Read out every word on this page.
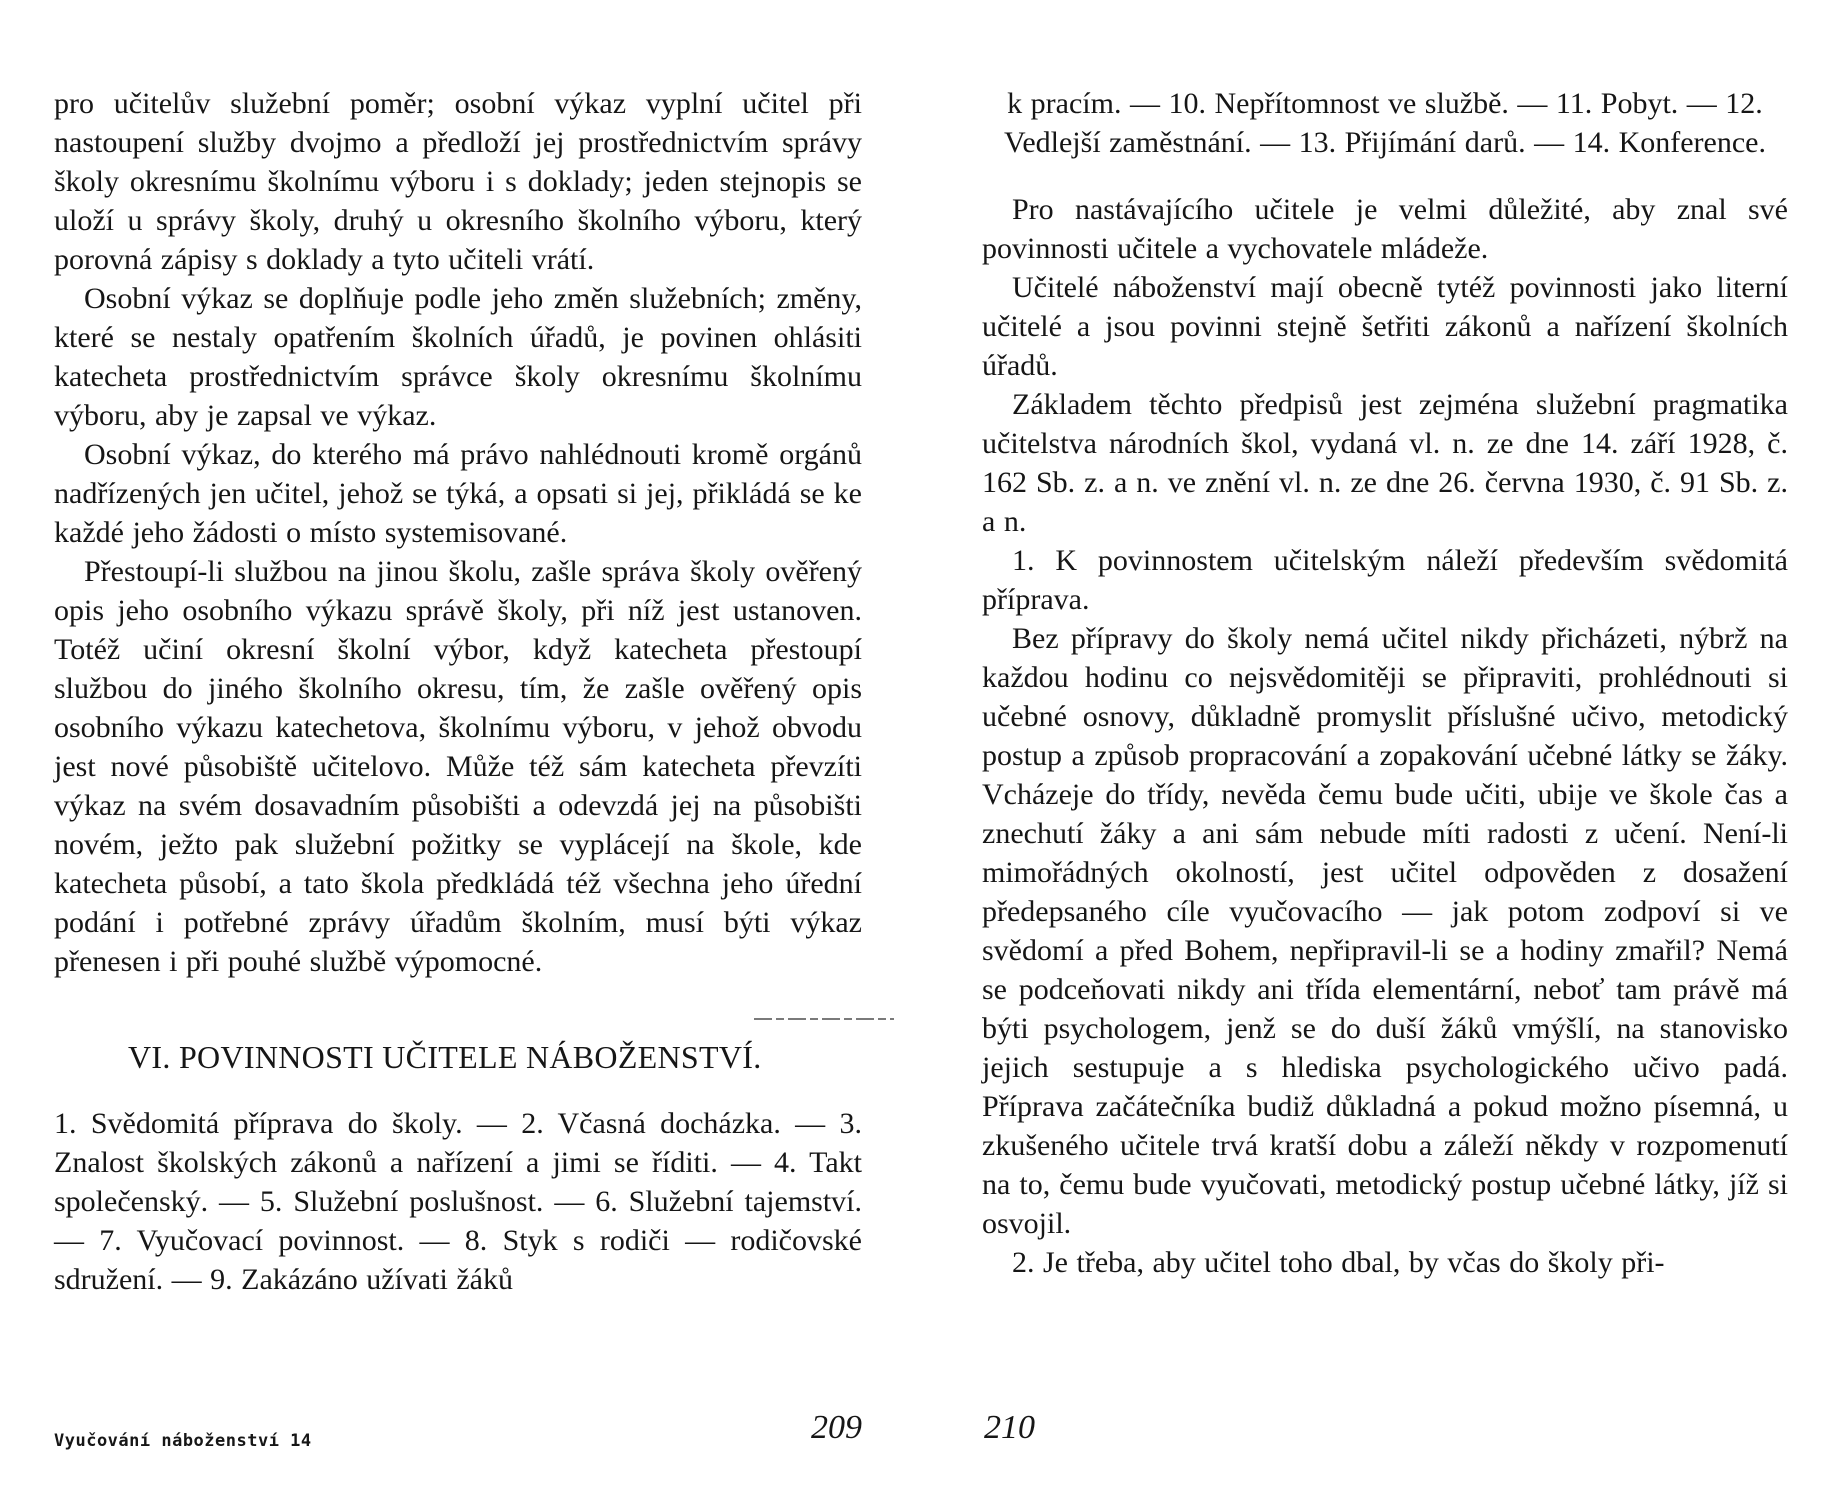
pro učitelův služební poměr; osobní výkaz vyplní učitel při nastoupení služby dvojmo a předloží jej prostřednictvím správy školy okresnímu školnímu výboru i s doklady; jeden stejnopis se uloží u správy školy, druhý u okresního školního výboru, který porovná zápisy s doklady a tyto učiteli vrátí.

Osobní výkaz se doplňuje podle jeho změn služebních; změny, které se nestaly opatřením školních úřadů, je povinen ohlásiti katecheta prostřednictvím správce školy okresnímu školnímu výboru, aby je zapsal ve výkaz.

Osobní výkaz, do kterého má právo nahlédnouti kromě orgánů nadřízených jen učitel, jehož se týká, a opsati si jej, přikládá se ke každé jeho žádosti o místo systemisované.

Přestoupí-li službou na jinou školu, zašle správa školy ověřený opis jeho osobního výkazu správě školy, při níž jest ustanoven. Totéž učiní okresní školní výbor, když katecheta přestoupí službou do jiného školního okresu, tím, že zašle ověřený opis osobního výkazu katechetova, školnímu výboru, v jehož obvodu jest nové působiště učitelovo. Může též sám katecheta převzíti výkaz na svém dosavadním působišti a odevzdá jej na působišti novém, ježto pak služební požitky se vyplácejí na škole, kde katecheta působí, a tato škola předkládá též všechna jeho úřední podání i potřebné zprávy úřadům školním, musí býti výkaz přenesen i při pouhé službě výpomocné.

VI. POVINNOSTI UČITELE NÁBOŽENSTVÍ.

1. Svědomitá příprava do školy. — 2. Včasná docházka. — 3. Znalost školských zákonů a nařízení a jimi se říditi. — 4. Takt společenský. — 5. Služební poslušnost. — 6. Služební tajemství. — 7. Vyučovací povinnost. — 8. Styk s rodiči — rodičovské sdružení. — 9. Zakázáno užívati žáků

Vyučování náboženství 14	209

k pracím. — 10. Nepřítomnost ve službě. — 11. Pobyt. — 12. Vedlejší zaměstnání. — 13. Přijímání darů. — 14. Konference.

Pro nastávajícího učitele je velmi důležité, aby znal své povinnosti učitele a vychovatele mládeže.

Učitelé náboženství mají obecně tytéž povinnosti jako literní učitelé a jsou povinni stejně šetřiti zákonů a nařízení školních úřadů.

Základem těchto předpisů jest zejména služební pragmatika učitelstva národních škol, vydaná vl. n. ze dne 14. září 1928, č. 162 Sb. z. a n. ve znění vl. n. ze dne 26. června 1930, č. 91 Sb. z. a n.

1. K povinnostem učitelským náleží především svědomitá příprava.

Bez přípravy do školy nemá učitel nikdy přicházeti, nýbrž na každou hodinu co nejsvědomitěji se připraviti, prohlédnouti si učebné osnovy, důkladně promyslit příslušné učivo, metodický postup a způsob propracování a zopakování učebné látky se žáky. Vcházeje do třídy, nevěda čemu bude učiti, ubije ve škole čas a znechutí žáky a ani sám nebude míti radosti z učení. Není-li mimořádných okolností, jest učitel odpověden z dosažení předepsaného cíle vyučovacího — jak potom zodpoví si ve svědomí a před Bohem, nepřipravil-li se a hodiny zmařil? Nemá se podceňovati nikdy ani třída elementární, neboť tam právě má býti psychologem, jenž se do duší žáků vmýšlí, na stanovisko jejich sestupuje a s hlediska psychologického učivo padá. Příprava začátečníka budiž důkladná a pokud možno písemná, u zkušeného učitele trvá kratší dobu a záleží někdy v rozpomenutí na to, čemu bude vyučovati, metodický postup učebné látky, jíž si osvojil.

2. Je třeba, aby učitel toho dbal, by včas do školy při-

210
